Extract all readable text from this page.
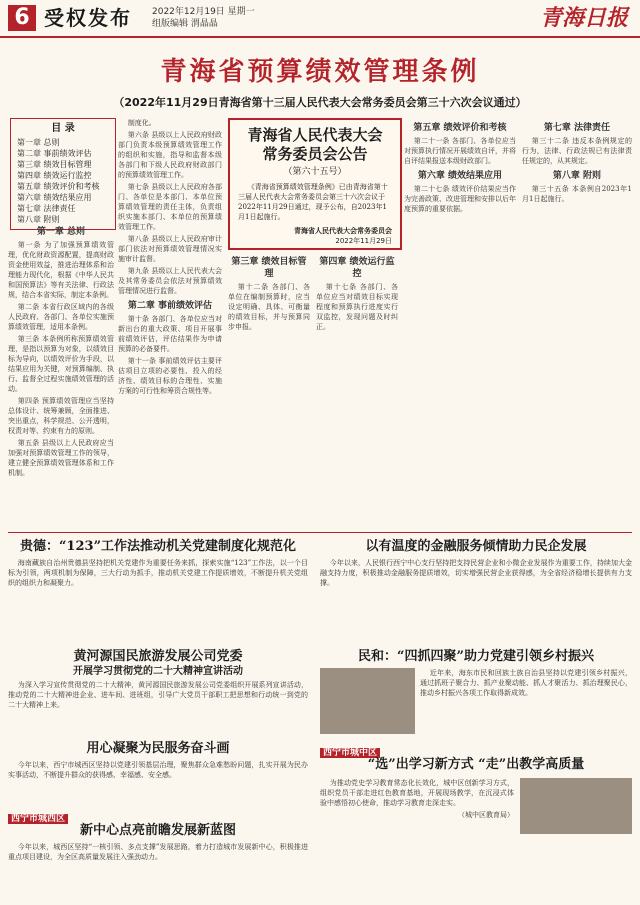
6 受权发布 2022年12月19日 星期一
组版编辑 渭晶晶	青海日报
青海省预算绩效管理条例
（2022年11月29日青海省第十三届人民代表大会常务委员会第三十六次会议通过）
目 录
第一章 总则
第二章 事前绩效评估
第三章 绩效目标管理
第四章 绩效运行监控
第五章 绩效评价和考核
第六章 绩效结果应用
第七章 法律责任
第八章 附则
第一章 总则

第一条 为了加强预算绩效管理，优化财政资源配置，提高财政资金使用效益，推进治理体系和治理能力现代化，根据《中华人民共和国预算法》等有关法律、行政法规，结合本省实际，制定本条例。

第二条 本省行政区域内的各级人民政府、各部门、各单位实施预算绩效管理，适用本条例。

第三条 本条例所称预算绩效管理，是指以预算为对象，以绩效目标为导向，以绩效评价为手段，以结果应用为关键，对预算编制、执行、监督全过程实施绩效管理的活动。

第四条 预算绩效管理应当坚持总体设计、统筹兼顾，全面推进、突出重点，科学规范、公开透明，权责对等、约束有力的原则。

第五条 县级以上人民政府应当加强对预算绩效管理工作的领导，建立健全预算绩效管理体系和工作机制。

制度化。

第六条 县级以上人民政府财政部门负责本级预算绩效管理工作的组织和实施，指导和监督本级各部门和下级人民政府财政部门的预算绩效管理工作。

第七条 县级以上人民政府各部门、各单位是本部门、本单位预算绩效管理的责任主体，负责组织实施本部门、本单位的预算绩效管理工作。

第八条 县级以上人民政府审计部门依法对预算绩效管理情况实施审计监督。

第九条 县级以上人民代表大会及其常务委员会依法对预算绩效管理情况进行监督。

第二章 事前绩效评估

第十条 各部门、各单位应当对新出台的重大政策、项目开展事前绩效评估，评估结果作为申请预算的必备要件。

第十一条 事前绩效评估主要评估项目立项的必要性、投入的经济性、绩效目标的合理性、实施方案的可行性和筹资合规性等。

青海省人民代表大会
常务委员会公告
（第六十五号）
《青海省预算绩效管理条例》已由青海省第十三届人民代表大会常务委员会第三十六次会议于2022年11月29日通过，现予公布，自2023年1月1日起施行。
青海省人民代表大会常务委员会
2022年11月29日
第三章 绩效目标管理

第十二条 各部门、各单位在编制预算时，应当设定明确、具体、可衡量的绩效目标，并与预算同步申报。

第四章 绩效运行监控

第十七条 各部门、各单位应当对绩效目标实现程度和预算执行进度实行双监控，发现问题及时纠正。

第五章 绩效评价和考核

第二十一条 各部门、各单位应当对预算执行情况开展绩效自评，并将自评结果报送本级财政部门。

第六章 绩效结果应用

第二十七条 绩效评价结果应当作为完善政策、改进管理和安排以后年度预算的重要依据。

第七章 法律责任

第三十二条 违反本条例规定的行为，法律、行政法规已有法律责任规定的，从其规定。

第八章 附则

第三十五条 本条例自2023年1月1日起施行。

贵德：“123”工作法推动机关党建制度化规范化

海南藏族自治州贵德县坚持把机关党建作为重要任务来抓，探索实施“123”工作法，以一个目标为引领，两项机制为保障，三大行动为抓手，推动机关党建工作提质增效，不断提升机关党组织的组织力和凝聚力。

以有温度的金融服务倾情助力民企发展

今年以来，人民银行西宁中心支行坚持把支持民营企业和小微企业发展作为重要工作，持续加大金融支持力度，积极推动金融服务提质增效，切实增强民营企业获得感，为全省经济稳增长提供有力支撑。

黄河源国民旅游发展公司党委
开展学习贯彻党的二十大精神宣讲活动

为深入学习宣传贯彻党的二十大精神，黄河源国民旅游发展公司党委组织开展系列宣讲活动，推动党的二十大精神进企业、进车间、进班组，引导广大党员干部职工把思想和行动统一到党的二十大精神上来。

民和：“四抓四聚”助力党建引领乡村振兴

近年来，海东市民和回族土族自治县坚持以党建引领乡村振兴，通过抓班子聚合力、抓产业聚动能、抓人才聚活力、抓治理聚民心，推动乡村振兴各项工作取得新成效。

用心凝聚为民服务奋斗画

今年以来，西宁市城西区坚持以党建引领基层治理，聚焦群众急难愁盼问题，扎实开展为民办实事活动，不断提升群众的获得感、幸福感、安全感。

西宁市城西区
新中心点亮前瞻发展新蓝图

今年以来，城西区坚持“一核引领、多点支撑”发展思路，着力打造城市发展新中心，积极推进重点项目建设，为全区高质量发展注入强劲动力。

西宁市城中区
“选”出学习新方式 “走”出教学高质量

为推动党史学习教育常态化长效化，城中区创新学习方式，组织党员干部走进红色教育基地，开展现场教学，在沉浸式体验中感悟初心使命，推动学习教育走深走实。

（城中区教育局）
